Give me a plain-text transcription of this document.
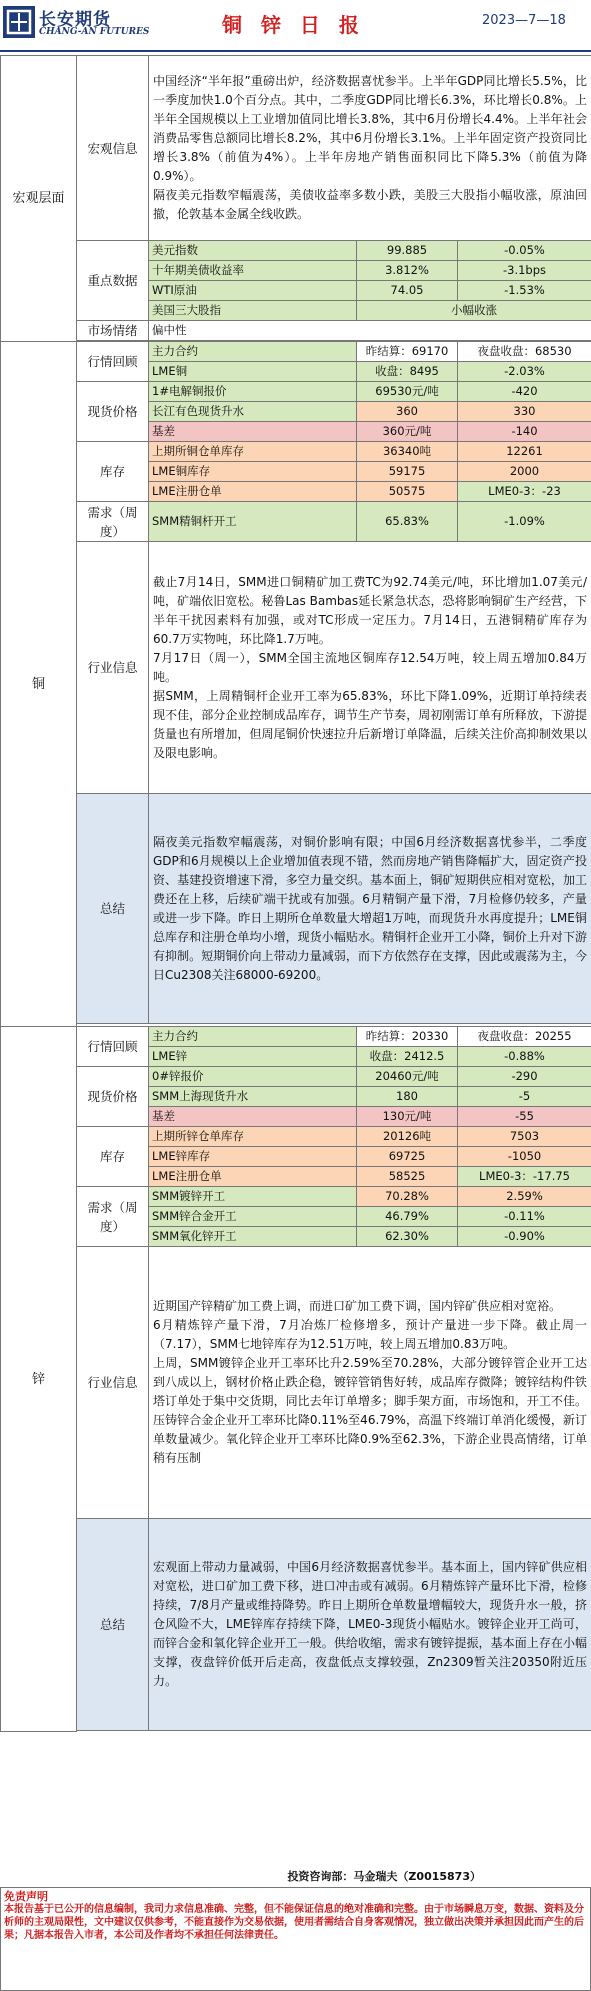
长安期货
CHANG-AN FUTURES	铜 锌 日 报	2023—7—18
宏观层面	宏观信息	中国经济“半年报”重磅出炉，经济数据喜忧参半。上半年GDP同比增长5.5%，比一季度加快1.0个百分点。其中，二季度GDP同比增长6.3%，环比增长0.8%。上半年全国规模以上工业增加值同比增长3.8%，其中6月份增长4.4%。上半年社会消费品零售总额同比增长8.2%，其中6月份增长3.1%。上半年固定资产投资同比增长3.8%（前值为4%）。上半年房地产销售面积同比下降5.3%（前值为降0.9%）。
隔夜美元指数窄幅震荡，美债收益率多数小跌，美股三大股指小幅收涨，原油回撤，伦敦基本金属全线收跌。		

	重点数据	美元指数	99.885	-0.05%
		十年期美债收益率	3.812%	-3.1bps
		WTI原油	74.05	-1.53%
		美国三大股指	小幅收涨	
	市场情绪	偏中性		

铜	行情回顾	主力合约	昨结算：69170	夜盘收盘：68530
		LME铜	收盘：8495	-2.03%
	现货价格	1#电解铜报价	69530元/吨	-420
		长江有色现货升水	360	330
		基差	360元/吨	-140
	库存	上期所铜仓单库存	36340吨	12261
		LME铜库存	59175	2000
		LME注册仓单	50575	LME0-3：-23
	需求（周度）	SMM精铜杆开工	65.83%	-1.09%
	行业信息	截止7月14日，SMM进口铜精矿加工费TC为92.74美元/吨，环比增加1.07美元/吨，矿端依旧宽松。秘鲁Las Bambas延长紧急状态，恐将影响铜矿生产经营，下半年干扰因素料有加强，或对TC形成一定压力。7月14日，五港铜精矿库存为60.7万实物吨，环比降1.7万吨。
7月17日（周一），SMM全国主流地区铜库存12.54万吨，较上周五增加0.84万吨。
据SMM，上周精铜杆企业开工率为65.83%，环比下降1.09%，近期订单持续表现不佳，部分企业控制成品库存，调节生产节奏，周初刚需订单有所释放，下游提货量也有所增加，但周尾铜价快速拉升后新增订单降温，后续关注价高抑制效果以及限电影响。		

	总结	隔夜美元指数窄幅震荡，对铜价影响有限；中国6月经济数据喜忧参半，二季度GDP和6月规模以上企业增加值表现不错，然而房地产销售降幅扩大，固定资产投资、基建投资增速下滑，多空力量交织。基本面上，铜矿短期供应相对宽松，加工费还在上移，后续矿端干扰或有加强。6月精铜产量下滑，7月检修仍较多，产量或进一步下降。昨日上期所仓单数量大增超1万吨，而现货升水再度提升；LME铜总库存和注册仓单均小增，现货小幅贴水。精铜杆企业开工小降，铜价上升对下游有抑制。短期铜价向上带动力量减弱，而下方依然存在支撑，因此或震荡为主，今日Cu2308关注68000-69200。		

锌	行情回顾	主力合约	昨结算：20330	夜盘收盘：20255
		LME锌	收盘：2412.5	-0.88%
	现货价格	0#锌报价	20460元/吨	-290
		SMM上海现货升水	180	-5
		基差	130元/吨	-55
	库存	上期所锌仓单库存	20126吨	7503
		LME锌库存	69725	-1050
		LME注册仓单	58525	LME0-3：-17.75
	需求（周度）	SMM镀锌开工	70.28%	2.59%
		SMM锌合金开工	46.79%	-0.11%
		SMM氧化锌开工	62.30%	-0.90%
	行业信息	近期国产锌精矿加工费上调，而进口矿加工费下调，国内锌矿供应相对宽裕。
6月精炼锌产量下滑，7月冶炼厂检修增多，预计产量进一步下降。截止周一（7.17），SMM七地锌库存为12.51万吨，较上周五增加0.83万吨。
上周，SMM镀锌企业开工率环比升2.59%至70.28%，大部分镀锌管企业开工达到八成以上，钢材价格止跌企稳，镀锌管销售好转，成品库存微降；镀锌结构件铁塔订单处于集中交货期，同比去年订单增多；脚手架方面，市场饱和，开工不佳。压铸锌合金企业开工率环比降0.11%至46.79%，高温下终端订单消化缓慢，新订单数量减少。氧化锌企业开工率环比降0.9%至62.3%，下游企业畏高情绪，订单稍有压制		

	总结	宏观面上带动力量减弱，中国6月经济数据喜忧参半。基本面上，国内锌矿供应相对宽松，进口矿加工费下移，进口冲击或有减弱。6月精炼锌产量环比下滑，检修持续，7/8月产量或维持降势。昨日上期所仓单数量增幅较大，现货升水一般，挤仓风险不大，LME锌库存持续下降，LME0-3现货小幅贴水。镀锌企业开工尚可，而锌合金和氧化锌企业开工一般。供给收缩，需求有镀锌提振，基本面上存在小幅支撑，夜盘锌价低开后走高，夜盘低点支撑较强，Zn2309暂关注20350附近压力。		

投资咨询部：马金瑞夫（Z0015873）
免责声明
本报告基于已公开的信息编制，我司力求信息准确、完整，但不能保证信息的绝对准确和完整。由于市场瞬息万变，数据、资料及分析师的主观局限性，文中建议仅供参考，不能直接作为交易依据，使用者需结合自身客观情况，独立做出决策并承担因此而产生的后果；凡据本报告入市者，本公司及作者均不承担任何法律责任。
